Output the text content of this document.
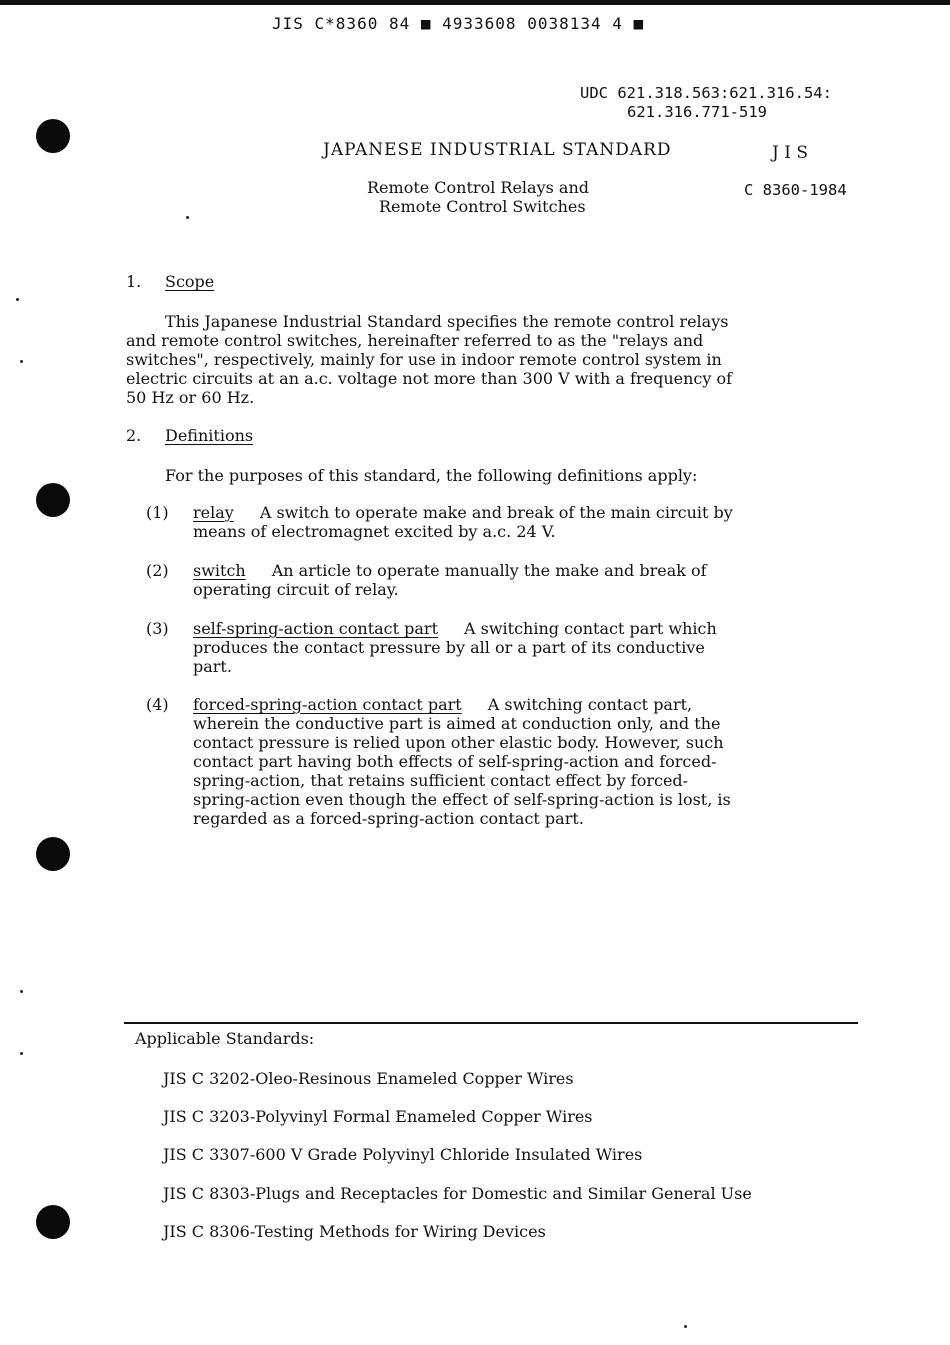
JIS C*8360 84 ■ 4933608 0038134 4 ■
UDC 621.318.563:621.316.54:
621.316.771-519
JAPANESE INDUSTRIAL STANDARD	J I S
Remote Control Relays and
Remote Control Switches
C 8360-1984
1. Scope
This Japanese Industrial Standard specifies the remote control relays
and remote control switches, hereinafter referred to as the "relays and
switches", respectively, mainly for use in indoor remote control system in
electric circuits at an a.c. voltage not more than 300 V with a frequency of
50 Hz or 60 Hz.
2. Definitions
For the purposes of this standard, the following definitions apply:
(1) relay A switch to operate make and break of the main circuit by
means of electromagnet excited by a.c. 24 V.
(2) switch An article to operate manually the make and break of
operating circuit of relay.
(3) self-spring-action contact part A switching contact part which
produces the contact pressure by all or a part of its conductive
part.
(4) forced-spring-action contact part A switching contact part,
wherein the conductive part is aimed at conduction only, and the
contact pressure is relied upon other elastic body. However, such
contact part having both effects of self-spring-action and forced-
spring-action, that retains sufficient contact effect by forced-
spring-action even though the effect of self-spring-action is lost, is
regarded as a forced-spring-action contact part.
Applicable Standards:
JIS C 3202-Oleo-Resinous Enameled Copper Wires
JIS C 3203-Polyvinyl Formal Enameled Copper Wires
JIS C 3307-600 V Grade Polyvinyl Chloride Insulated Wires
JIS C 8303-Plugs and Receptacles for Domestic and Similar General Use
JIS C 8306-Testing Methods for Wiring Devices
